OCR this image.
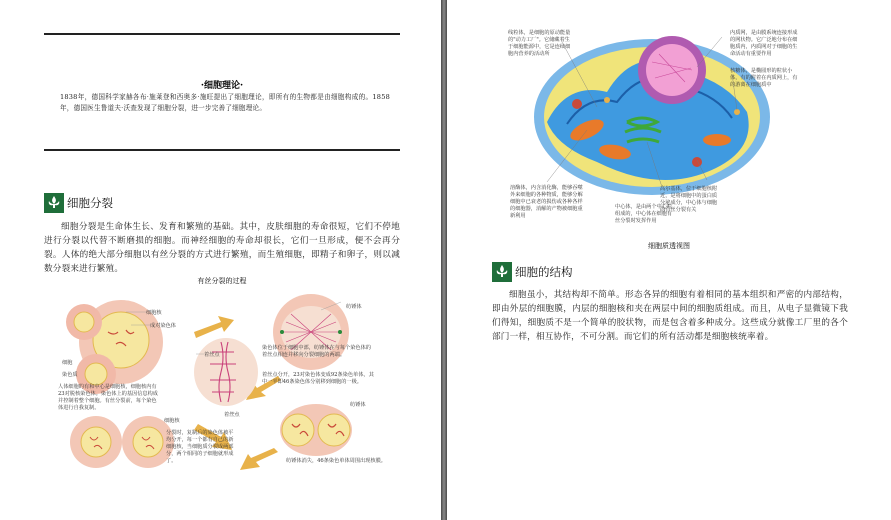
·细胞理论·
1838年，德国科学家赫各布·施莱登和西奥多·施旺提出了细胞理论，即所有的生物都是由细胞构成的。1858年，德国医生鲁道夫·沃查发现了细胞分裂，进一步完善了细胞理论。
细胞分裂
细胞分裂是生命体生长、发育和繁殖的基础。其中，皮肤细胞的寿命很短，它们不停地进行分裂以代替不断磨损的细胞。而神经细胞的寿命却很长，它们一旦形成，便不会再分裂。人体的绝大部分细胞以有丝分裂的方式进行繁殖，而生殖细胞，即精子和卵子，则以减数分裂来进行繁殖。
有丝分裂的过程
细胞核
成对染色体
细胞
染色质
着丝点
纺锤体
着丝点
细胞核
纺锤体
人体细胞的有和中心是细胞核，细胞核内有23对脱核染色体。染色体上的基因信息构成并控制着整个细胞。有丝分裂前，每个染色体进行自我复制。
染色体位于细胞中部，纺锤体在与每个染色体的着丝点相连并移向分裂细胞的两端。
着丝点分开，23对染色体变成92条染色单体，其中一半即46条染色体分别移到细胞的一极。
分裂时，复制后的染色体被平均分开，每一个都有自己的新细胞核，当细胞质分裂成两部分，两个相同的子细胞就形成了。	纺锤体消失，46条染色单体周围出现核膜。
线粒体，是细胞的原动能量的"动力工厂"。它储藏着生于细胞能源中，它是连续细胞内营养的活动所
内质网，是由膜系统连接形成的网状物。它广泛地分布在细胞质内，内质网对于细胞的生命活动有重要作用
核糖体，是椭圆形的粒状小体，有的附着在内质网上，有的游离在细胞质中
溶酶体，内含消化酶，能够吞噬外来细胞的各种物质，能够分解细胞中已衰老的损伤或各种各样的细胞器，消解的产物被细胞重新利用
中心体，是由两个中心粒组成的，中心体在细胞有丝分裂时发挥作用
高尔基体，位于细胞核附近，是将细胞中的蛋白质分泌成分，中心体与细胞的有丝分裂有关
细胞质透视图
细胞的结构
细胞虽小，其结构却不简单。形态各异的细胞有着相同的基本组织和严密的内部结构，即由外层的细胞膜，内层的细胞核和夹在两层中间的细胞质组成。而且，从电子显微镜下我们得知，细胞质不是一个简单的胶状物，而是包含着多种成分。这些成分就像工厂里的各个部门一样，相互协作，不可分割。而它们的所有活动都是细胞核统率着。
